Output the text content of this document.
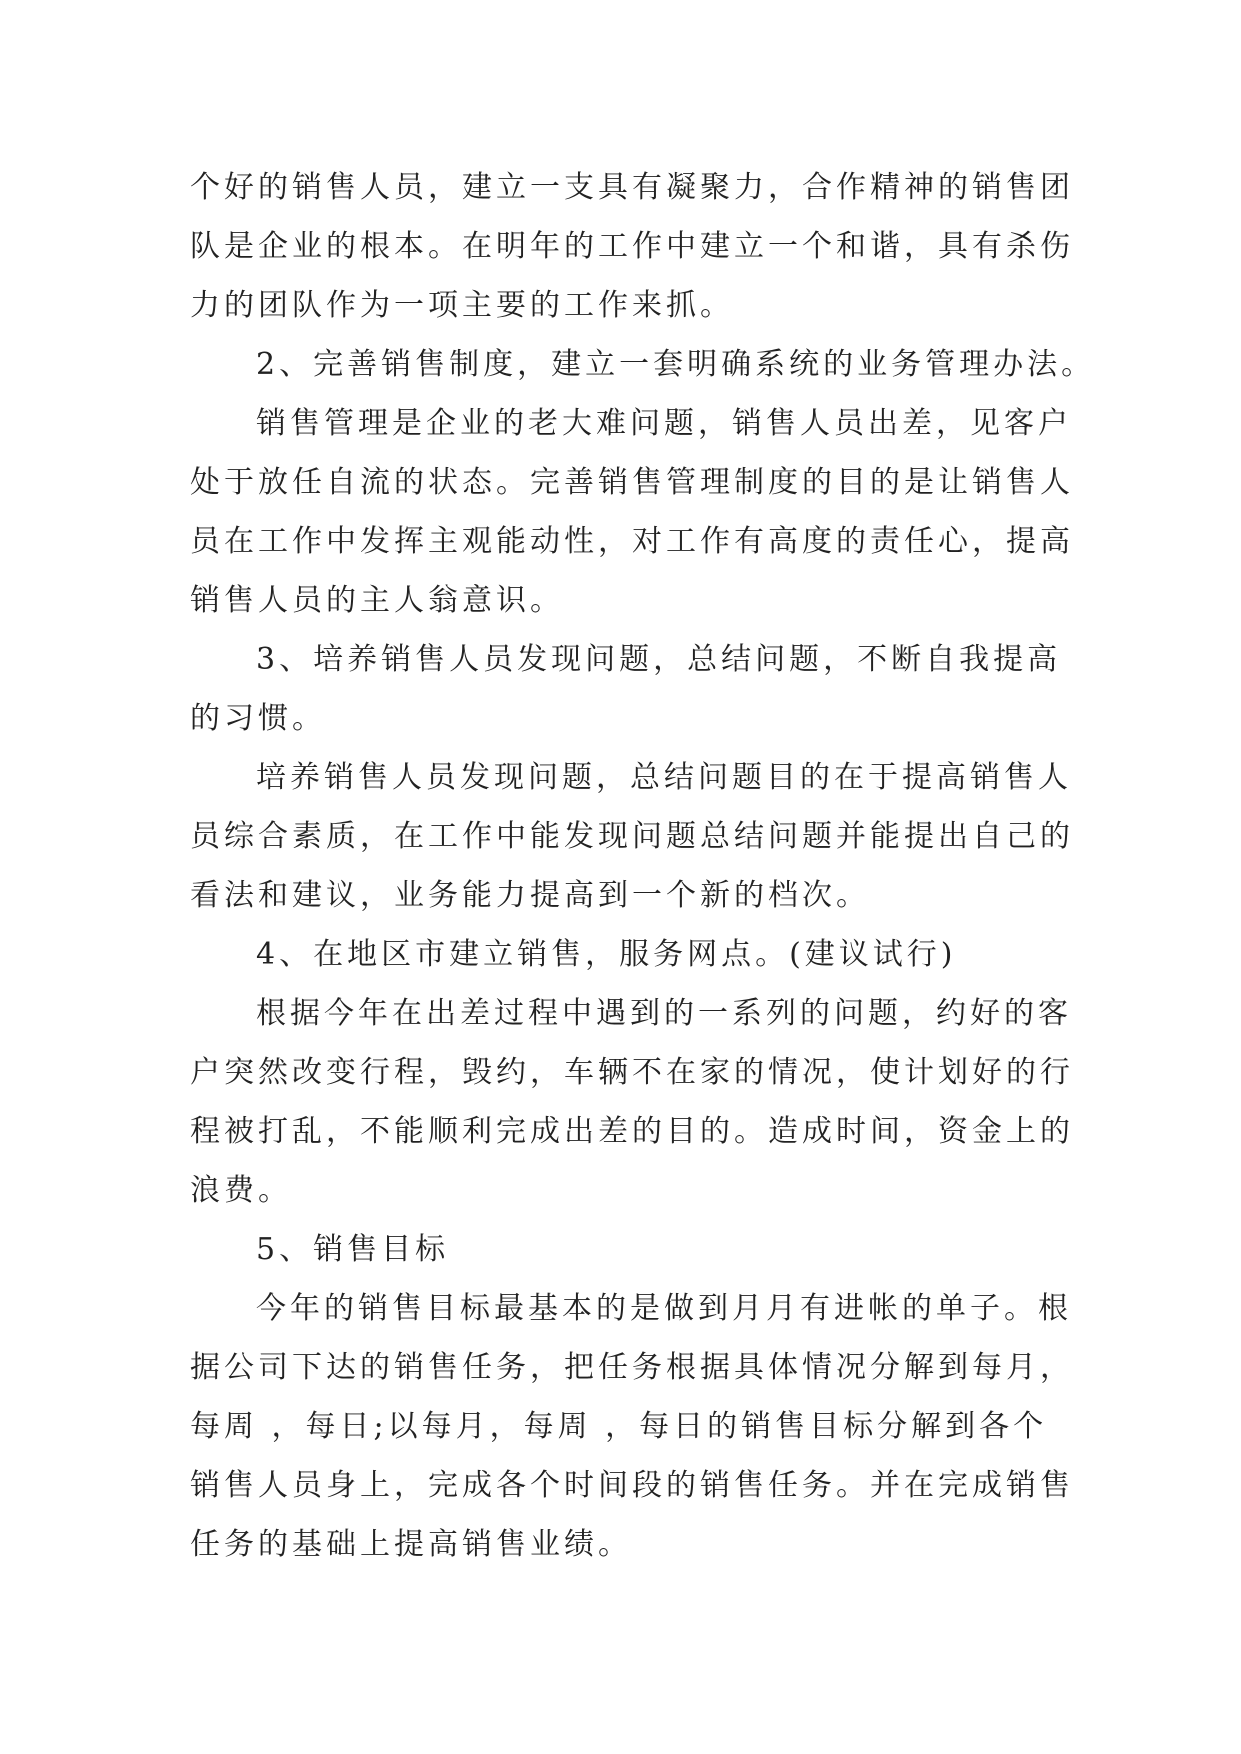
个好的销售人员，建立一支具有凝聚力，合作精神的销售团
队是企业的根本。在明年的工作中建立一个和谐，具有杀伤
力的团队作为一项主要的工作来抓。
2、完善销售制度，建立一套明确系统的业务管理办法。
销售管理是企业的老大难问题，销售人员出差，见客户
处于放任自流的状态。完善销售管理制度的目的是让销售人
员在工作中发挥主观能动性，对工作有高度的责任心，提高
销售人员的主人翁意识。
3、培养销售人员发现问题，总结问题，不断自我提高
的习惯。
培养销售人员发现问题，总结问题目的在于提高销售人
员综合素质，在工作中能发现问题总结问题并能提出自己的
看法和建议，业务能力提高到一个新的档次。
4、在地区市建立销售，服务网点。(建议试行)
根据今年在出差过程中遇到的一系列的问题，约好的客
户突然改变行程，毁约，车辆不在家的情况，使计划好的行
程被打乱，不能顺利完成出差的目的。造成时间，资金上的
浪费。
5、销售目标
今年的销售目标最基本的是做到月月有进帐的单子。根
据公司下达的销售任务，把任务根据具体情况分解到每月，
每周 ，每日;以每月，每周 ，每日的销售目标分解到各个
销售人员身上，完成各个时间段的销售任务。并在完成销售
任务的基础上提高销售业绩。
